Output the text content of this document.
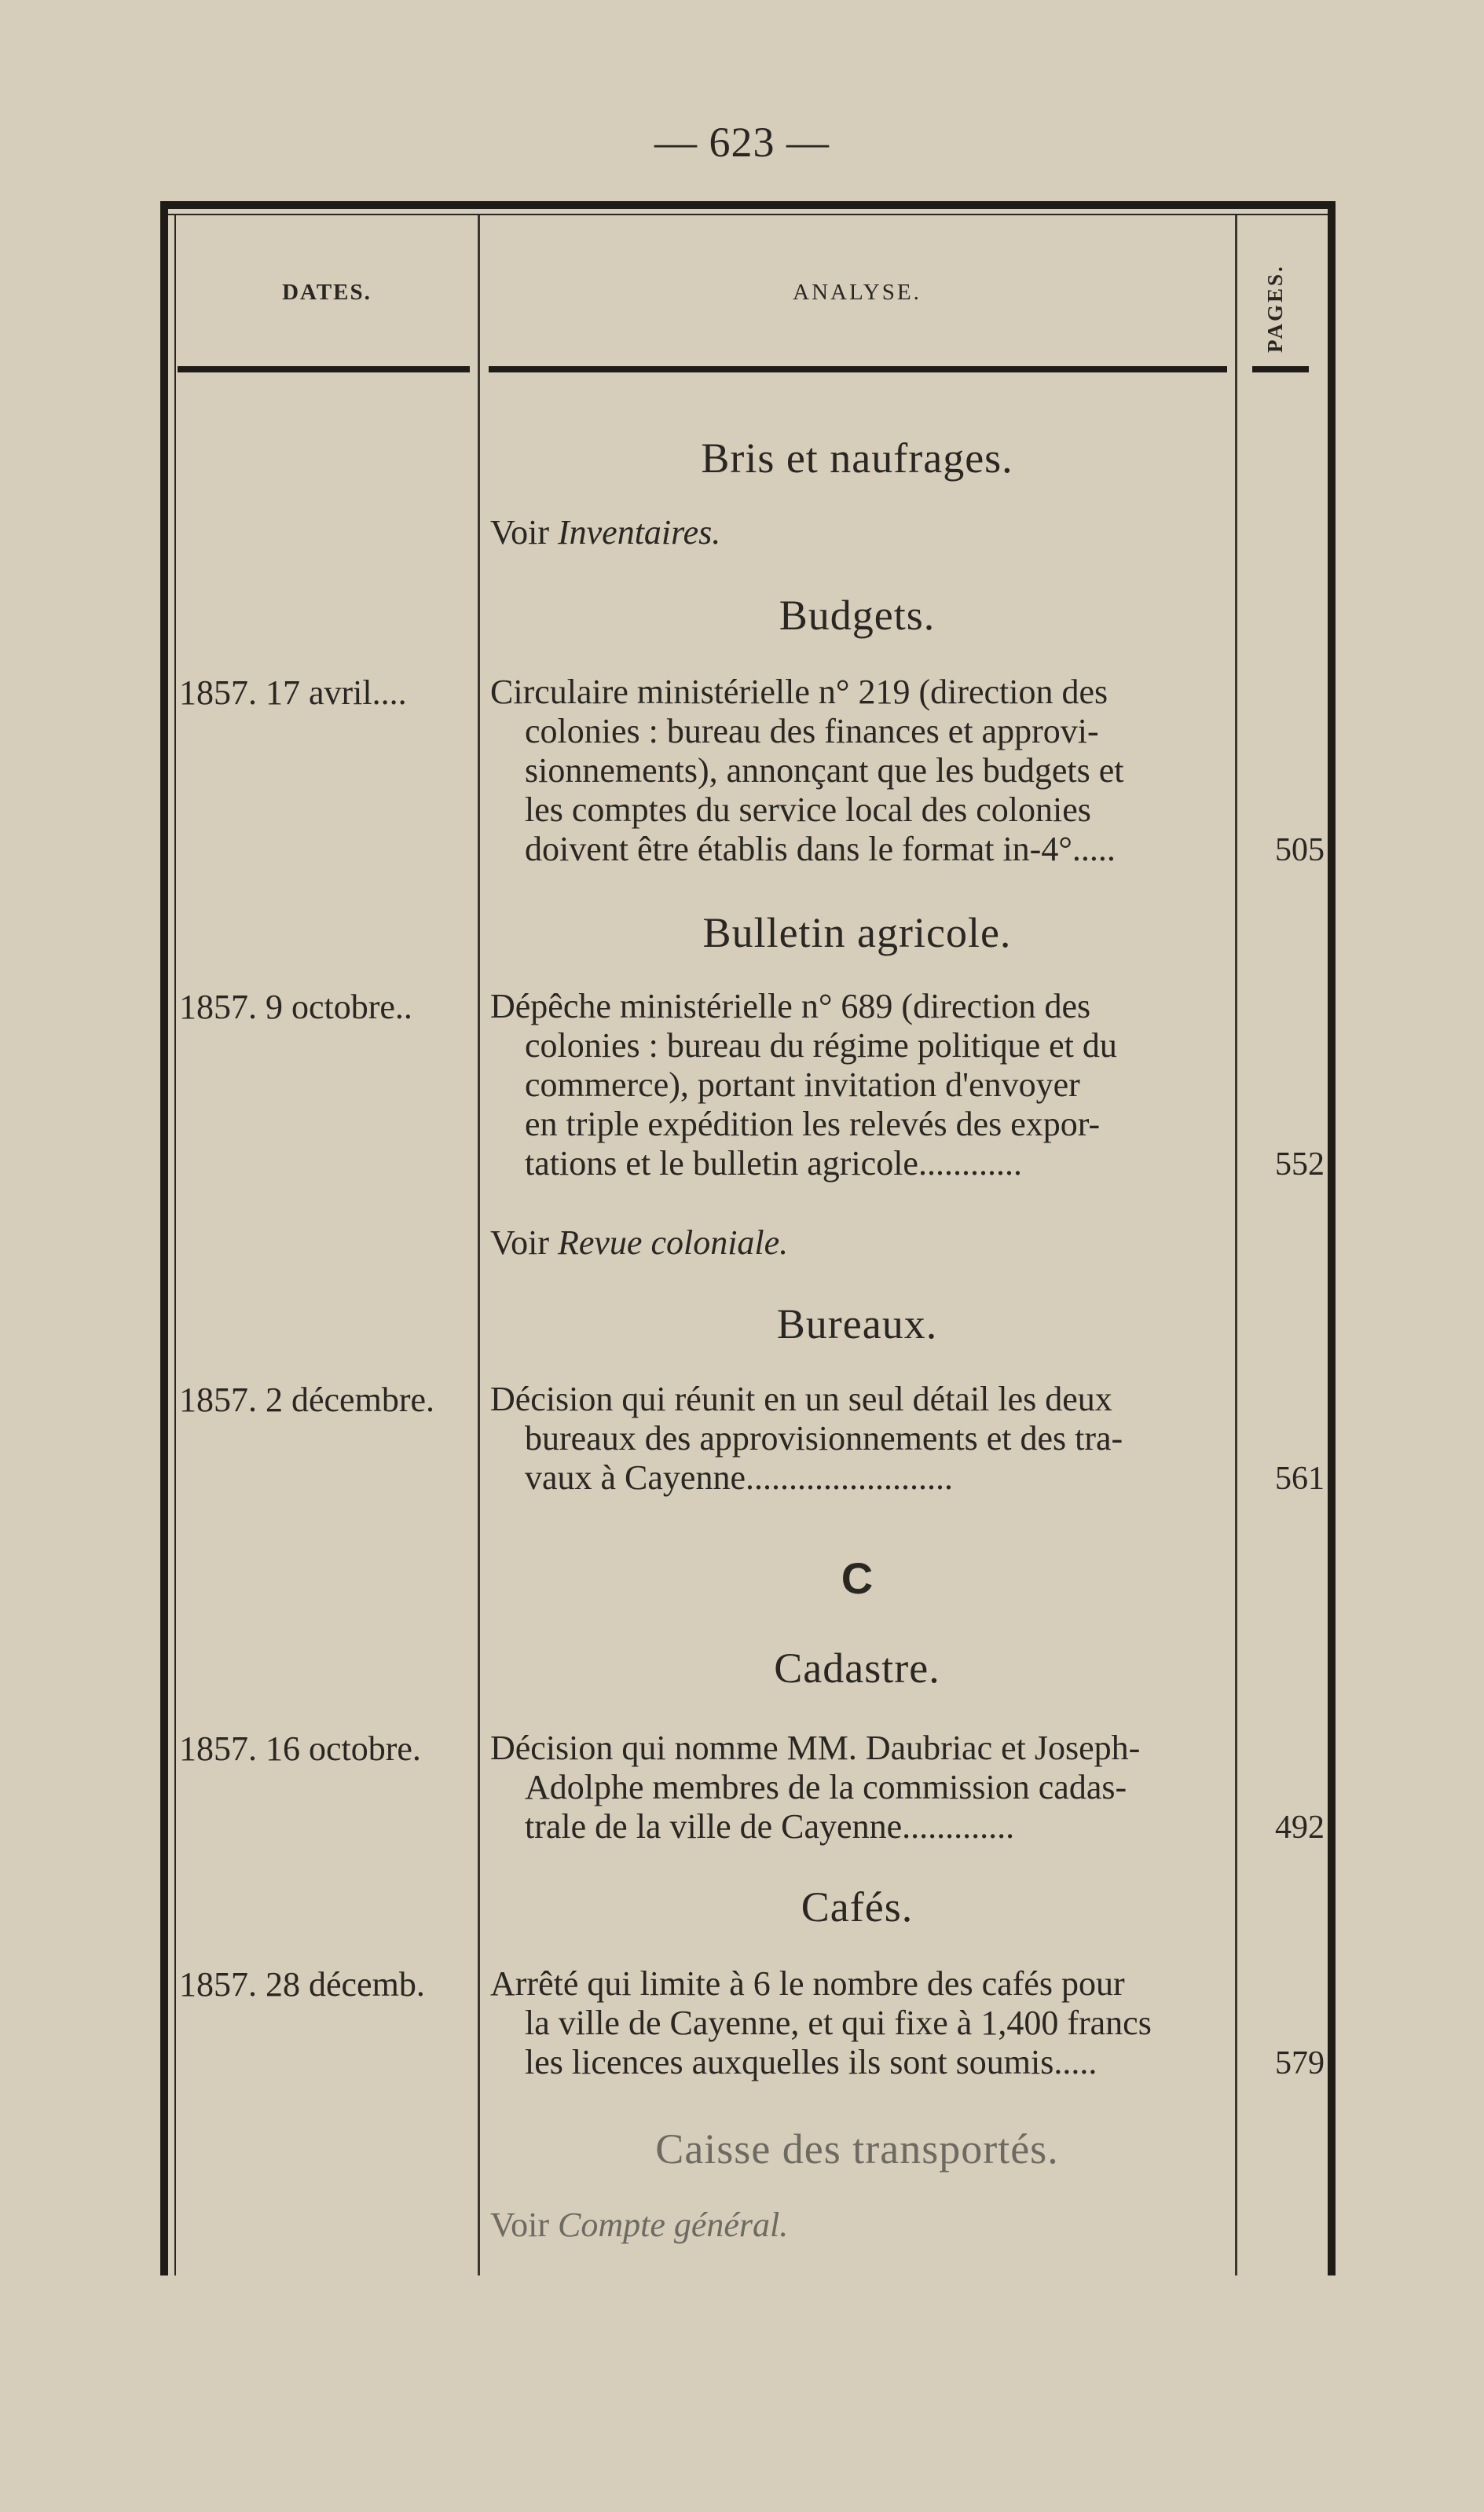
— 623 —
DATES.	ANALYSE.	PAGES.
Bris et naufrages.
Voir Inventaires.
Budgets.
1857. 17 avril....	Circulaire ministérielle n° 219 (direction des
colonies : bureau des finances et approvi-
sionnements), annonçant que les budgets et
les comptes du service local des colonies
doivent être établis dans le format in-4°.....	505
Bulletin agricole.
1857. 9 octobre..	Dépêche ministérielle n° 689 (direction des
colonies : bureau du régime politique et du
commerce), portant invitation d'envoyer
en triple expédition les relevés des expor-
tations et le bulletin agricole............	552
Voir Revue coloniale.
Bureaux.
1857. 2 décembre.	Décision qui réunit en un seul détail les deux
bureaux des approvisionnements et des tra-
vaux à Cayenne........................	561
C
Cadastre.
1857. 16 octobre.	Décision qui nomme MM. Daubriac et Joseph-
Adolphe membres de la commission cadas-
trale de la ville de Cayenne.............	492
Cafés.
1857. 28 décemb.	Arrêté qui limite à 6 le nombre des cafés pour
la ville de Cayenne, et qui fixe à 1,400 francs
les licences auxquelles ils sont soumis.....	579
Caisse des transportés.
Voir Compte général.
